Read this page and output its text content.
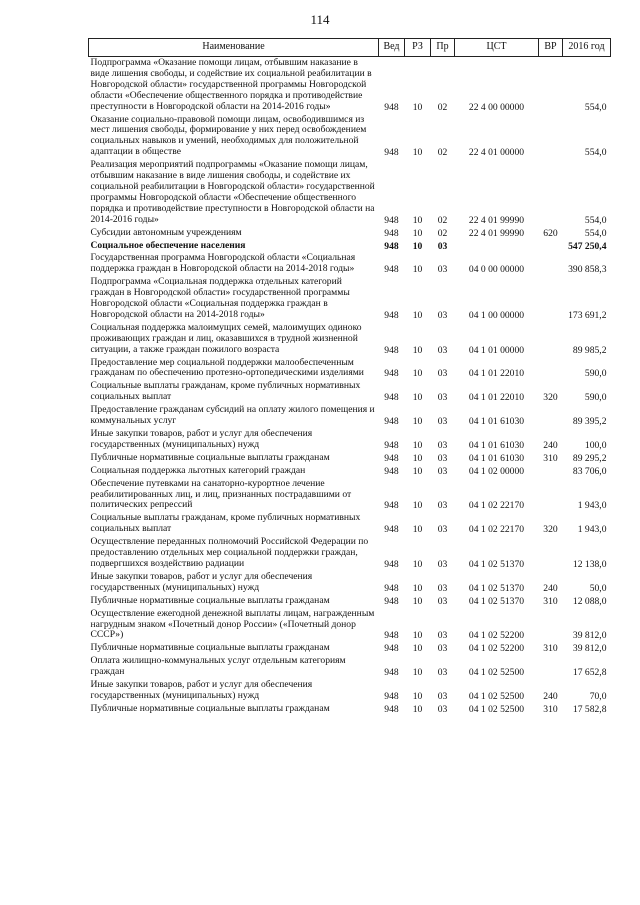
114
Наименование	Вед	РЗ	Пр	ЦСТ	ВР	2016 год
Подпрограмма «Оказание помощи лицам, отбывшим наказание в виде лишения свободы, и содействие их социальной реабилитации в Новгородской области» государственной программы Новгородской области «Обеспечение общественного порядка и противодействие преступности в Новгородской области на 2014-2016 годы»	948	10	02	22 4 00 00000		554,0
Оказание социально-правовой помощи лицам, освободившимся из мест лишения свободы, формирование у них перед освобождением социальных навыков и умений, необходимых для положительной адаптации в обществе	948	10	02	22 4 01 00000		554,0
Реализация мероприятий подпрограммы «Оказание помощи лицам, отбывшим наказание в виде лишения свободы, и содействие их социальной реабилитации в Новгородской области» государственной программы Новгородской области «Обеспечение общественного порядка и противодействие преступности в Новгородской области на 2014-2016 годы»	948	10	02	22 4 01 99990		554,0
Субсидии автономным учреждениям	948	10	02	22 4 01 99990	620	554,0
Социальное обеспечение населения	948	10	03			547 250,4
Государственная программа Новгородской области «Социальная поддержка граждан в Новгородской области на 2014-2018 годы»	948	10	03	04 0 00 00000		390 858,3
Подпрограмма «Социальная поддержка отдельных категорий граждан в Новгородской области» государственной программы Новгородской области «Социальная поддержка граждан в Новгородской области на 2014-2018 годы»	948	10	03	04 1 00 00000		173 691,2
Социальная поддержка малоимущих семей, малоимущих одиноко проживающих граждан и лиц, оказавшихся в трудной жизненной ситуации, а также граждан пожилого возраста	948	10	03	04 1 01 00000		89 985,2
Предоставление мер социальной поддержки малообеспеченным гражданам по обеспечению протезно-ортопедическими изделиями	948	10	03	04 1 01 22010		590,0
Социальные выплаты гражданам, кроме публичных нормативных социальных выплат	948	10	03	04 1 01 22010	320	590,0
Предоставление гражданам субсидий на оплату жилого помещения и коммунальных услуг	948	10	03	04 1 01 61030		89 395,2
Иные закупки товаров, работ и услуг для обеспечения государственных (муниципальных) нужд	948	10	03	04 1 01 61030	240	100,0
Публичные нормативные социальные выплаты гражданам	948	10	03	04 1 01 61030	310	89 295,2
Социальная поддержка льготных категорий граждан	948	10	03	04 1 02 00000		83 706,0
Обеспечение путевками на санаторно-курортное лечение реабилитированных лиц, и лиц, признанных пострадавшими от политических репрессий	948	10	03	04 1 02 22170		1 943,0
Социальные выплаты гражданам, кроме публичных нормативных социальных выплат	948	10	03	04 1 02 22170	320	1 943,0
Осуществление переданных полномочий Российской Федерации по предоставлению отдельных мер социальной поддержки граждан, подвергшихся воздействию радиации	948	10	03	04 1 02 51370		12 138,0
Иные закупки товаров, работ и услуг для обеспечения государственных (муниципальных) нужд	948	10	03	04 1 02 51370	240	50,0
Публичные нормативные социальные выплаты гражданам	948	10	03	04 1 02 51370	310	12 088,0
Осуществление ежегодной денежной выплаты лицам, награжденным нагрудным знаком «Почетный донор России» («Почетный донор СССР»)	948	10	03	04 1 02 52200		39 812,0
Публичные нормативные социальные выплаты гражданам	948	10	03	04 1 02 52200	310	39 812,0
Оплата жилищно-коммунальных услуг отдельным категориям граждан	948	10	03	04 1 02 52500		17 652,8
Иные закупки товаров, работ и услуг для обеспечения государственных (муниципальных) нужд	948	10	03	04 1 02 52500	240	70,0
Публичные нормативные социальные выплаты гражданам	948	10	03	04 1 02 52500	310	17 582,8
